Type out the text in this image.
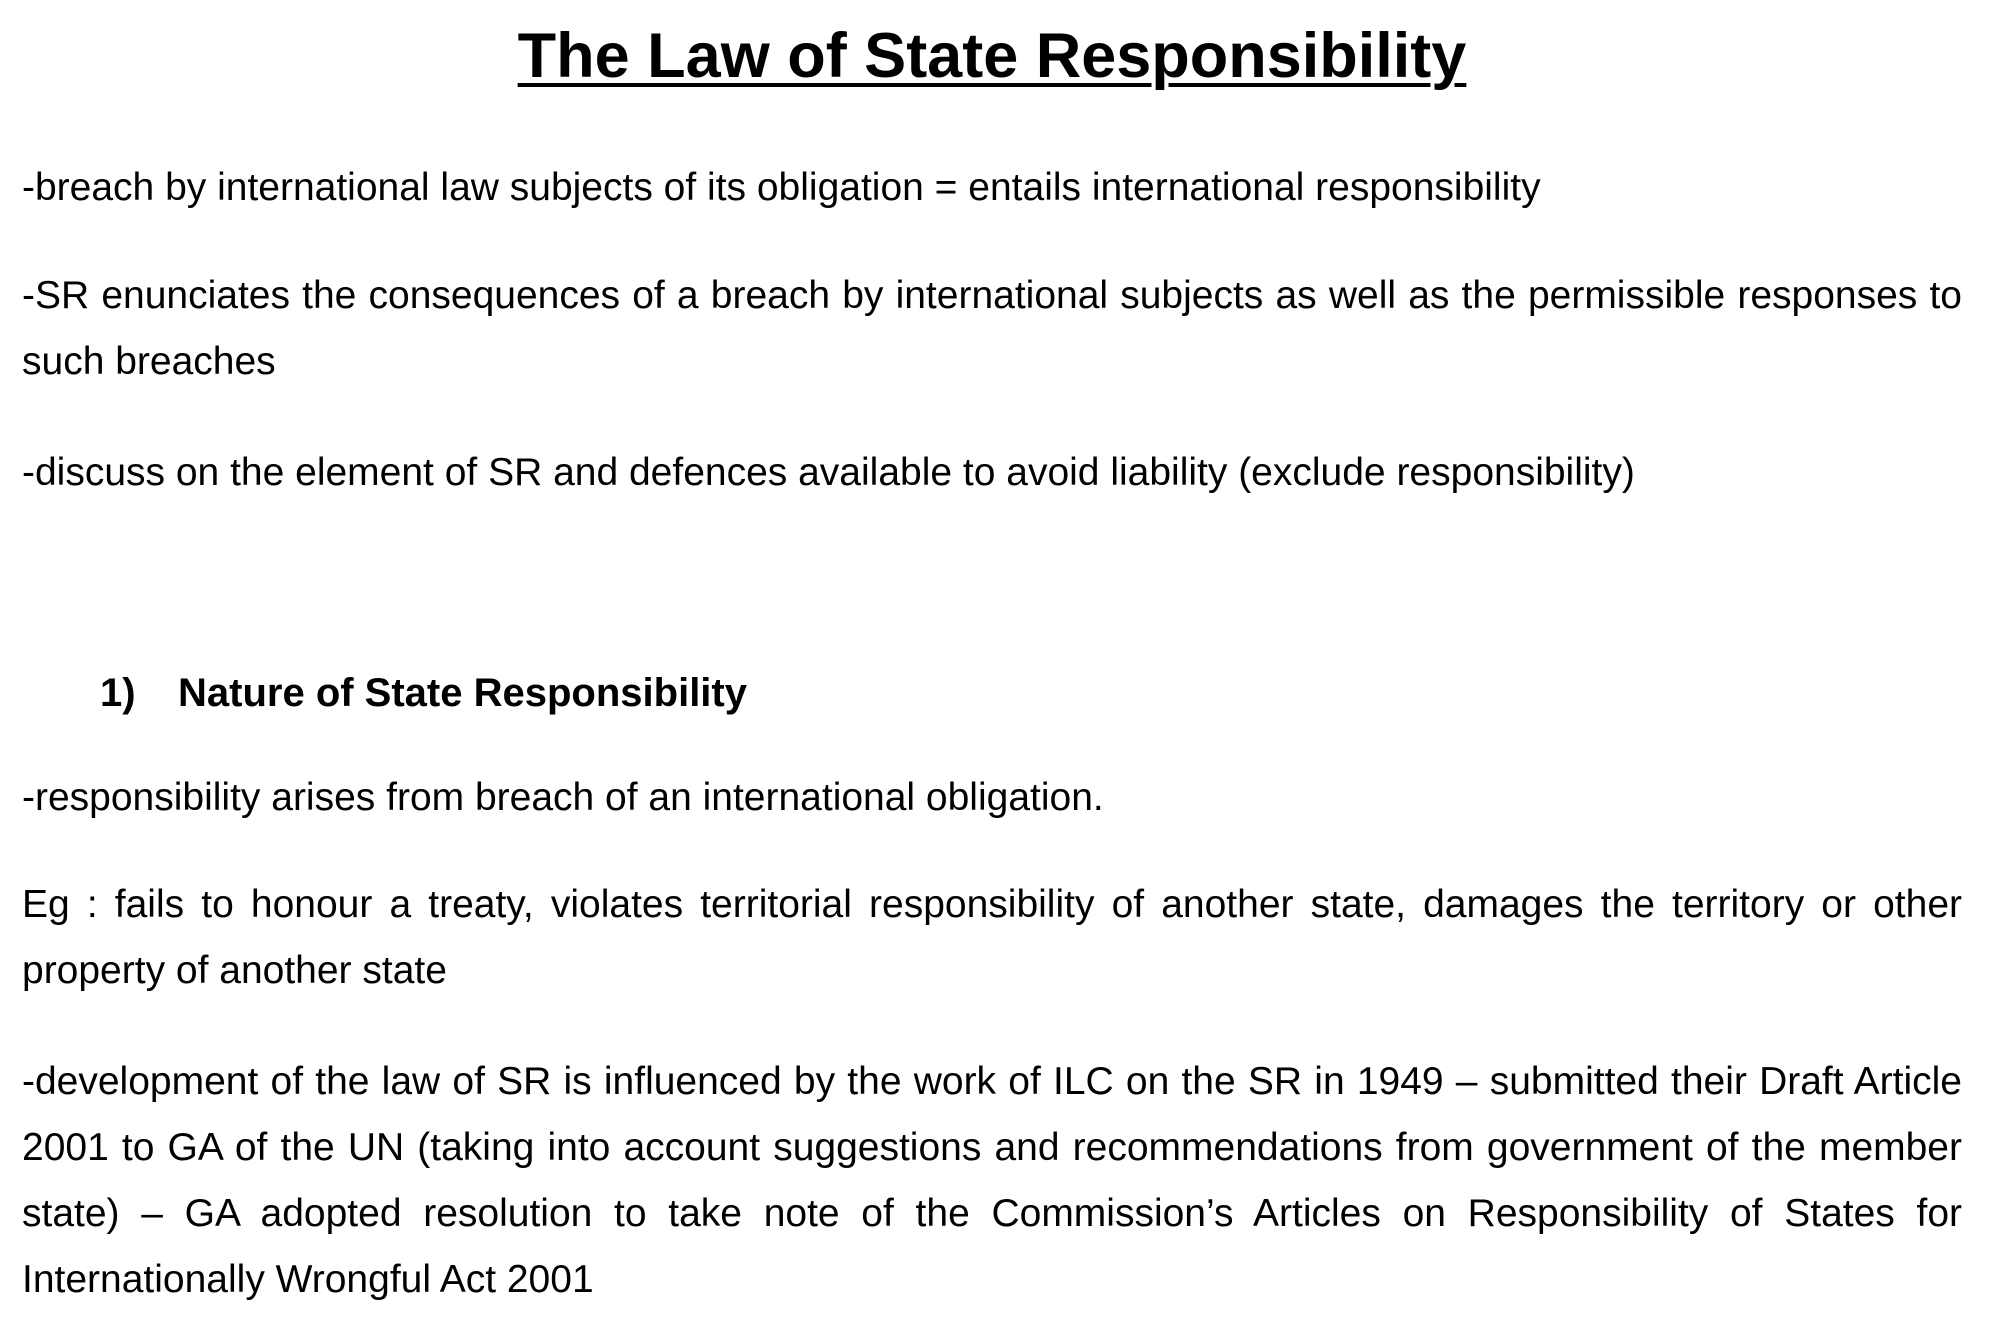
The Law of State Responsibility

-breach by international law subjects of its obligation = entails international responsibility

-SR enunciates the consequences of a breach by international subjects as well as the permissible responses to such breaches

-discuss on the element of SR and defences available to avoid liability (exclude responsibility)

1) Nature of State Responsibility

-responsibility arises from breach of an international obligation.

Eg : fails to honour a treaty, violates territorial responsibility of another state, damages the territory or other property of another state

-development of the law of SR is influenced by the work of ILC on the SR in 1949 – submitted their Draft Article 2001 to GA of the UN (taking into account suggestions and recommendations from government of the member state) – GA adopted resolution to take note of the Commission’s Articles on Responsibility of States for Internationally Wrongful Act 2001
